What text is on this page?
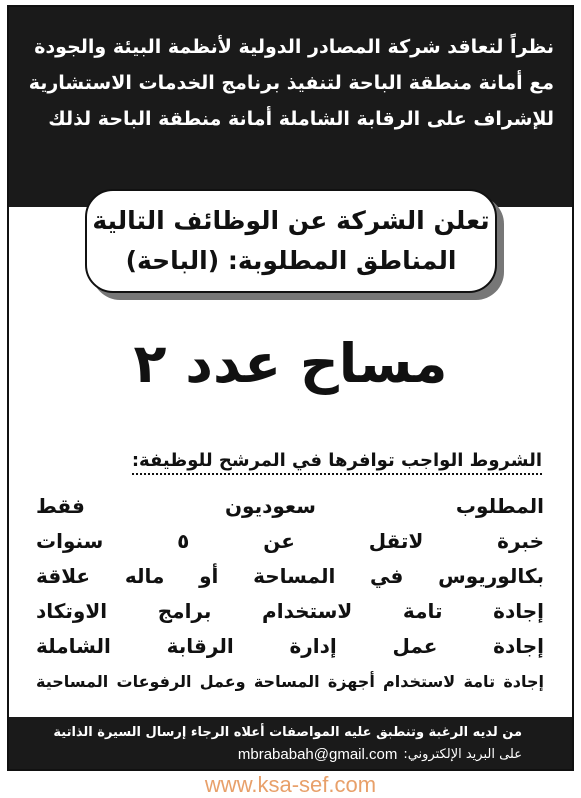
نظراً لتعاقد شركة المصادر الدولية لأنظمة البيئة والجودة
مع أمانة منطقة الباحة لتنفيذ برنامج الخدمات الاستشارية
للإشراف على الرقابة الشاملة أمانة منطقة الباحة لذلك
تعلن الشركة عن الوظائف التالية
المناطق المطلوبة: (الباحة)
مساح عدد ٢
الشروط الواجب توافرها في المرشح للوظيفة:
المطلوب سعوديون فقط
خبرة لاتقل عن ٥ سنوات
بكالوريوس في المساحة أو ماله علاقة
إجادة تامة لاستخدام برامج الاوتكاد
إجادة عمل إدارة الرقابة الشاملة
إجادة تامة لاستخدام أجهزة المساحة وعمل الرفوعات المساحية
من لديه الرغبة وتنطبق عليه المواصفات أعلاه الرجاء إرسال السيرة الذاتية
على البريد الإلكتروني:
mbrababah@gmail.com
www.ksa-sef.com
